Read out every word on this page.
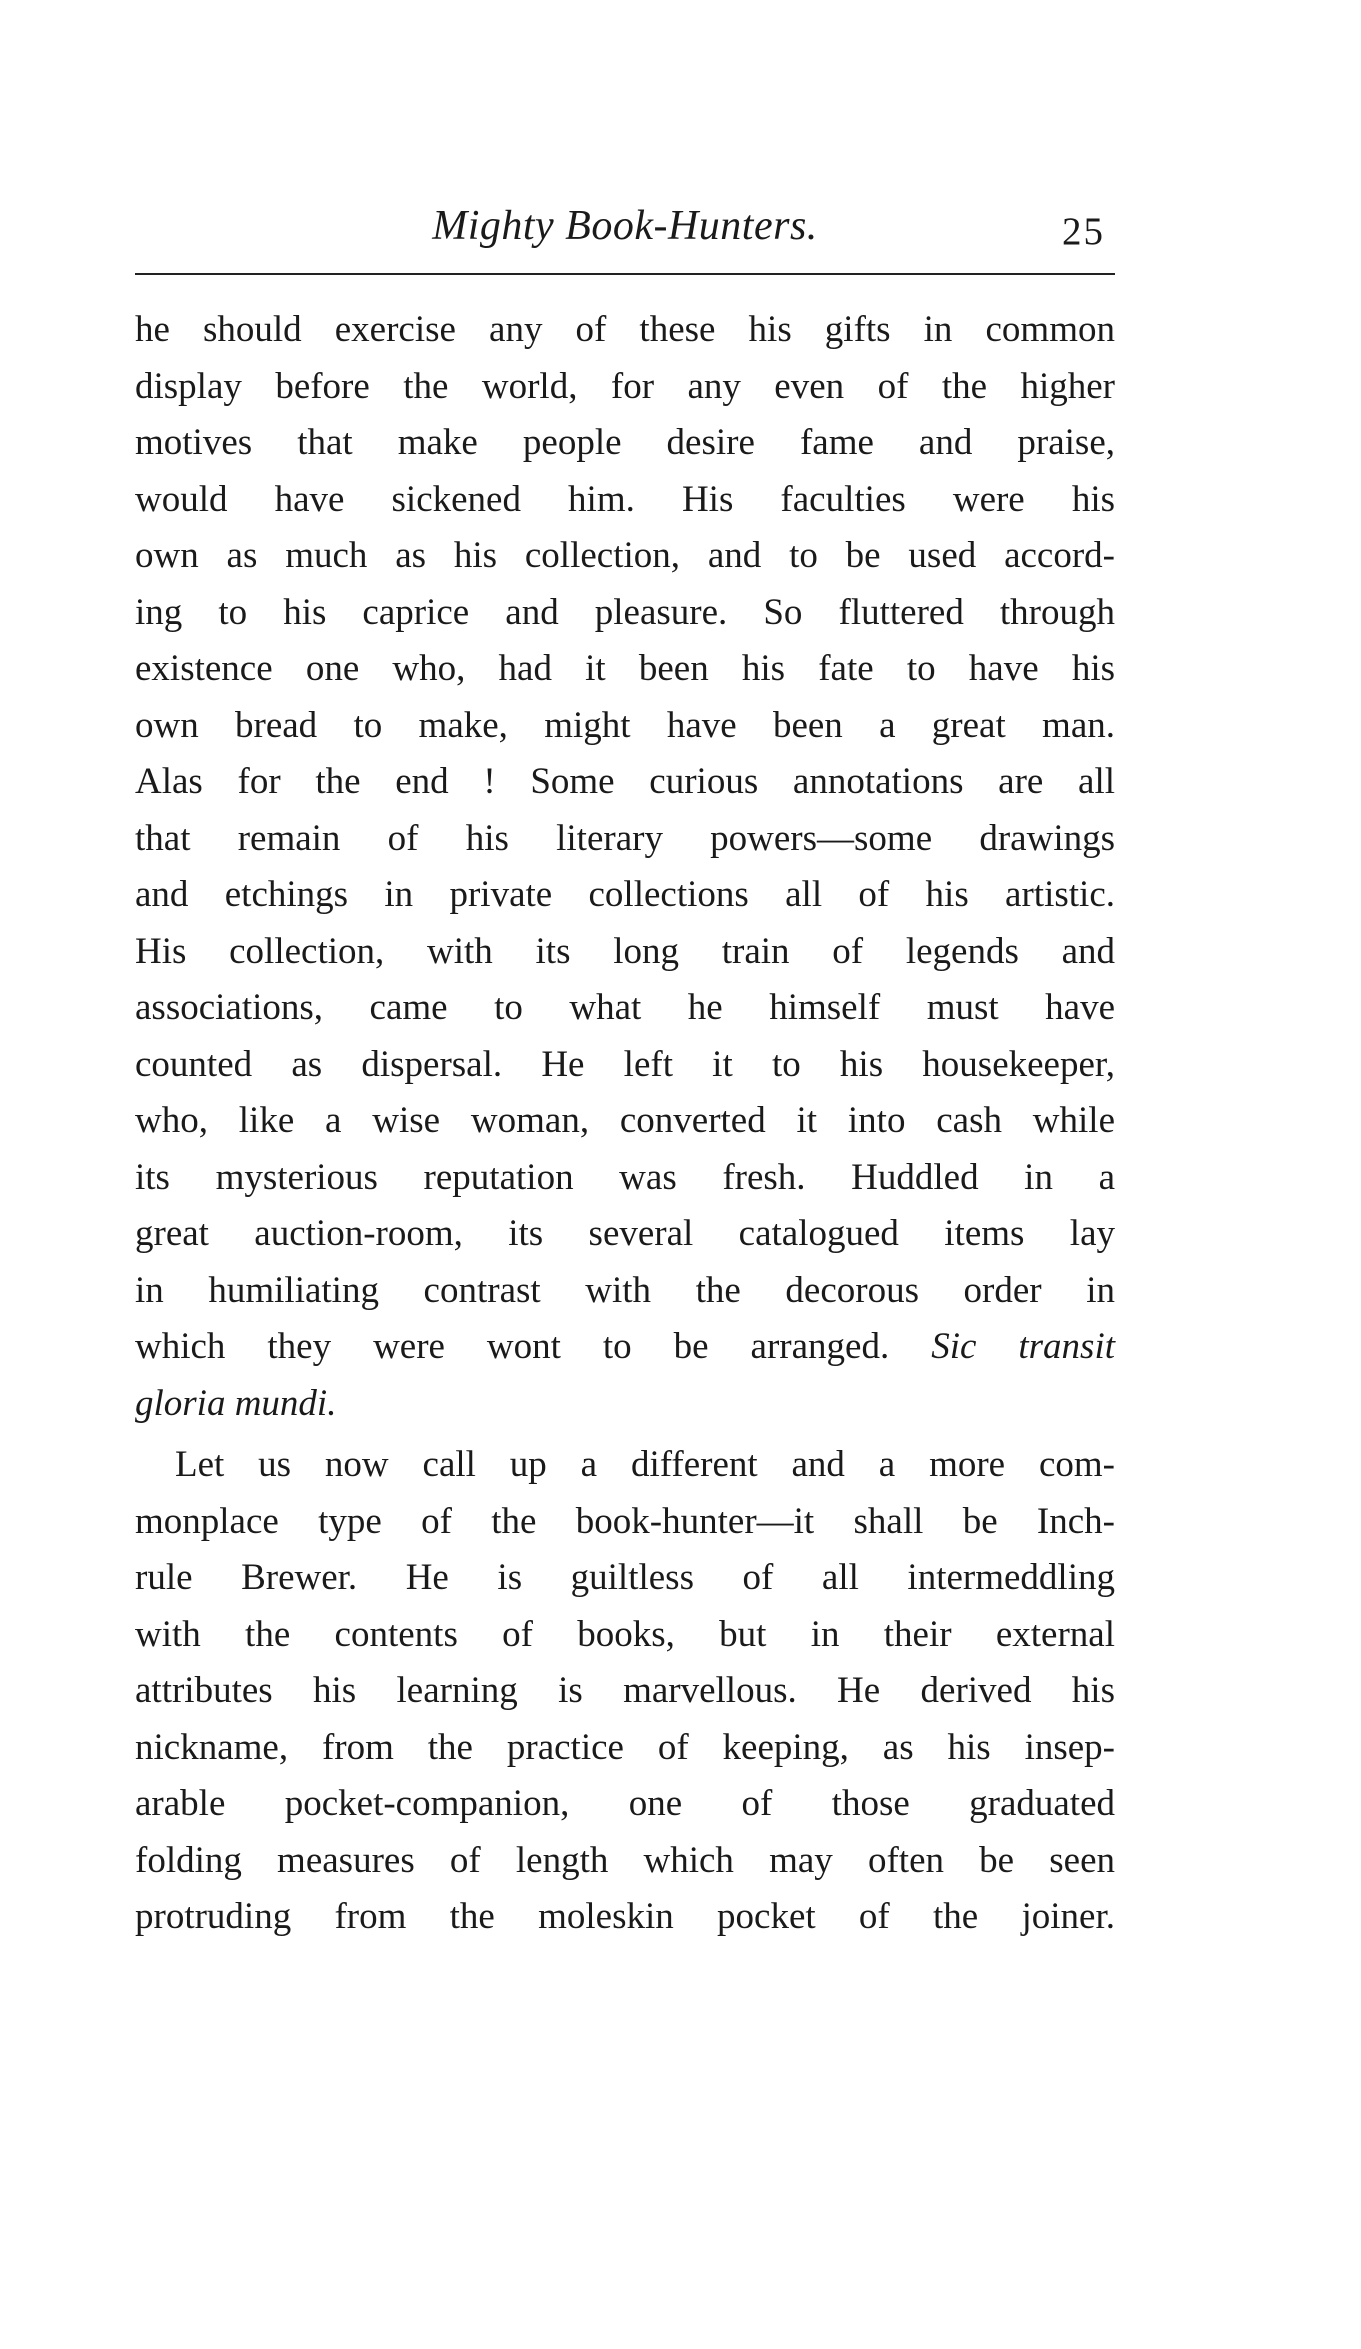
Mighty Book-Hunters.	25
he should exercise any of these his gifts in common
display before the world, for any even of the higher
motives that make people desire fame and praise,
would have sickened him. His faculties were his
own as much as his collection, and to be used accord-
ing to his caprice and pleasure. So fluttered through
existence one who, had it been his fate to have his
own bread to make, might have been a great man.
Alas for the end ! Some curious annotations are all
that remain of his literary powers—some drawings
and etchings in private collections all of his artistic.
His collection, with its long train of legends and
associations, came to what he himself must have
counted as dispersal. He left it to his housekeeper,
who, like a wise woman, converted it into cash while
its mysterious reputation was fresh. Huddled in a
great auction-room, its several catalogued items lay
in humiliating contrast with the decorous order in
which they were wont to be arranged. Sic transit
gloria mundi.
Let us now call up a different and a more com-
monplace type of the book-hunter—it shall be Inch-
rule Brewer. He is guiltless of all intermeddling
with the contents of books, but in their external
attributes his learning is marvellous. He derived his
nickname, from the practice of keeping, as his insep-
arable pocket-companion, one of those graduated
folding measures of length which may often be seen
protruding from the moleskin pocket of the joiner.
